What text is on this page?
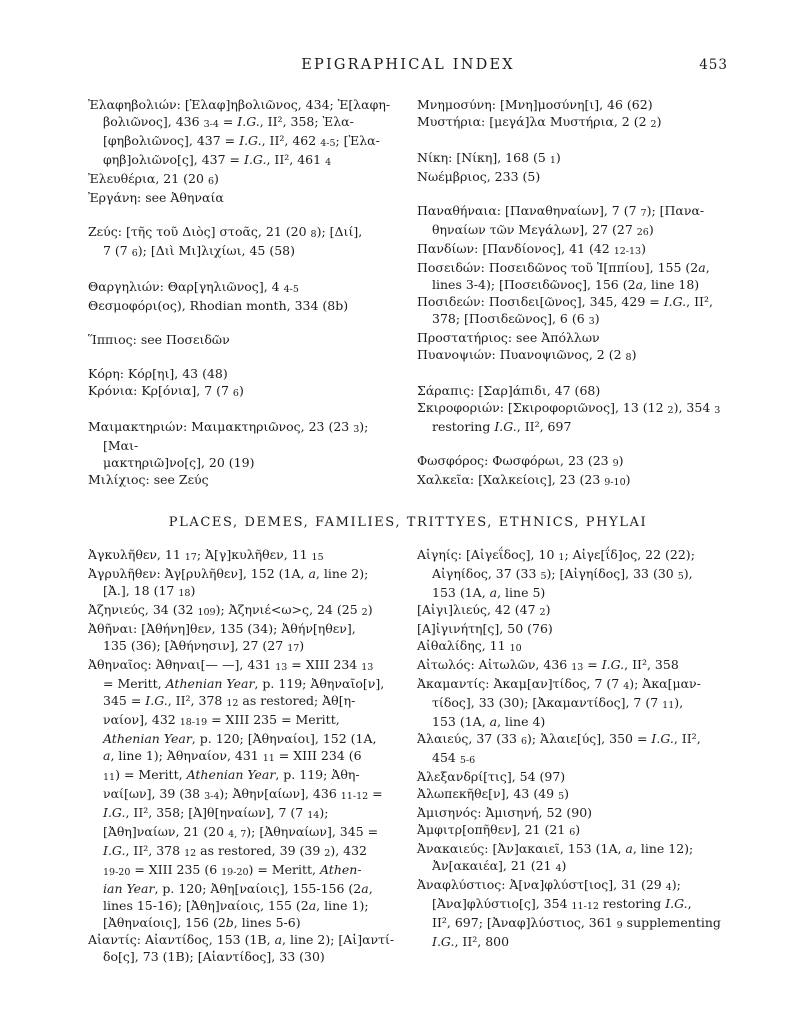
EPIGRAPHICAL INDEX	453
Ἐλαφηβολιών: [Ἐλαφ]ηβολιῶνος, 434; Ἐ[λαφη-
βολιῶνος], 436 3-4 = I.G., II², 358; Ἐλα-
[φηβολιῶνος], 437 = I.G., II², 462 4-5; [Ἐλα-
φηβ]ολιῶνο[ς], 437 = I.G., II², 461 4
Ἐλευθέρια, 21 (20 6)
Ἐργάνη: see Ἀθηναία
Ζεύς: [τῆς τοῦ Διὸς] στοᾶς, 21 (20 8); [Διί],
7 (7 6); [Διὶ Μι]λιχίωι, 45 (58)
Θαργηλιών: Θαρ[γηλιῶνος], 4 4-5
Θεσμοφόρι(ος), Rhodian month, 334 (8b)
Ἵππιος: see Ποσειδῶν
Κόρη: Κόρ[ηι], 43 (48)
Κρόνια: Κρ[όνια], 7 (7 6)
Μαιμακτηριών: Μαιμακτηριῶνος, 23 (23 3); [Μαι-
μακτηριῶ]νο[ς], 20 (19)
Μιλίχιος: see Ζεύς
Μνημοσύνη: [Μνη]μοσύνη[ι], 46 (62)
Μυστήρια: [μεγά]λα Μυστήρια, 2 (2 2)
Νίκη: [Νίκη], 168 (5 1)
Νωέμβριος, 233 (5)
Παναθήναια: [Παναθηναίων], 7 (7 7); [Πανα-
θηναίων τῶν Μεγάλων], 27 (27 26)
Πανδίων: [Πανδίονος], 41 (42 12-13)
Ποσειδών: Ποσειδῶνος τοῦ Ἱ[ππίου], 155 (2a,
lines 3-4); [Ποσειδῶνος], 156 (2a, line 18)
Ποσιδεών: Ποσιδει[ῶνος], 345, 429 = I.G., II²,
378; [Ποσιδεῶνος], 6 (6 3)
Προστατήριος: see Ἀπόλλων
Πυανοψιών: Πυανοψιῶνος, 2 (2 8)
Σάραπις: [Σαρ]άπιδι, 47 (68)
Σκιροφοριών: [Σκιροφοριῶνος], 13 (12 2), 354 3
restoring I.G., II², 697
Φωσφόρος: Φωσφόρωι, 23 (23 9)
Χαλκεῖα: [Χαλκείοις], 23 (23 9-10)
PLACES, DEMES, FAMILIES, TRITTYES, ETHNICS, PHYLAI
Ἀγκυλῆθεν, 11 17; Ἀ[γ]κυλῆθεν, 11 15
Ἀγρυλῆθεν: Ἀγ[ρυλῆθεν], 152 (1A, a, line 2);
[Ἀ.], 18 (17 18)
Ἀζηνιεύς, 34 (32 109); Ἀζηνιέ<ω>ς, 24 (25 2)
Ἀθῆναι: [Ἀθήνη]θεν, 135 (34); Ἀθήν[ηθεν],
135 (36); [Ἀθήνησιν], 27 (27 17)
Ἀθηναῖος: Ἀθηναι[— —], 431 13 = XIII 234 13
= Meritt, Athenian Year, p. 119; Ἀθηναῖο[ν],
345 = I.G., II², 378 12 as restored; Ἀθ[η-
ναίον], 432 18-19 = XIII 235 = Meritt,
Athenian Year, p. 120; [Ἀθηναίοι], 152 (1A,
a, line 1); Ἀθηναίον, 431 11 = XIII 234 (6
11) = Meritt, Athenian Year, p. 119; Ἀθη-
ναί[ων], 39 (38 3-4); Ἀθην[αίων], 436 11-12 =
I.G., II², 358; [Ἀ]θ[ηναίων], 7 (7 14);
[Ἀθη]ναίων, 21 (20 4, 7); [Ἀθηναίων], 345 =
I.G., II², 378 12 as restored, 39 (39 2), 432
19-20 = XIII 235 (6 19-20) = Meritt, Athen-
ian Year, p. 120; Ἀθη[ναίοις], 155-156 (2a,
lines 15-16); [Ἀθη]ναίοις, 155 (2a, line 1);
[Ἀθηναίοις], 156 (2b, lines 5-6)
Αἰαντίς: Αἰαντίδος, 153 (1B, a, line 2); [Αἰ]αντί-
δο[ς], 73 (1B); [Αἰαντίδος], 33 (30)
Αἰγηίς: [Αἰγεΐδος], 10 1; Αἰγε[ΐδ]ος, 22 (22);
Αἰγηίδος, 37 (33 5); [Αἰγηίδος], 33 (30 5),
153 (1A, a, line 5)
[Αἰγι]λιεύς, 42 (47 2)
[Α]ἰγινήτη[ς], 50 (76)
Αἰθαλίδης, 11 10
Αἰτωλός: Αἰτωλῶν, 436 13 = I.G., II², 358
Ἀκαμαντίς: Ἀκαμ[αν]τίδος, 7 (7 4); Ἀκα[μαν-
τίδος], 33 (30); [Ἀκαμαντίδος], 7 (7 11),
153 (1A, a, line 4)
Ἁλαιεύς, 37 (33 6); Ἁλαιε[ύς], 350 = I.G., II²,
454 5-6
Ἀλεξανδρί[τις], 54 (97)
Ἀλωπεκῆθε[ν], 43 (49 5)
Ἀμισηνός: Ἀμισηνή, 52 (90)
Ἀμφιτρ[οπῆθεν], 21 (21 6)
Ἀνακαιεύς: [Ἀν]ακαιεῖ, 153 (1A, a, line 12);
Ἀν[ακαιέα], 21 (21 4)
Ἀναφλύστιος: Ἀ[να]φλύστ[ιος], 31 (29 4);
[Ἀνα]φλύστιο[ς], 354 11-12 restoring I.G.,
II², 697; [Ἀναφ]λύστιος, 361 9 supplementing
I.G., II², 800
